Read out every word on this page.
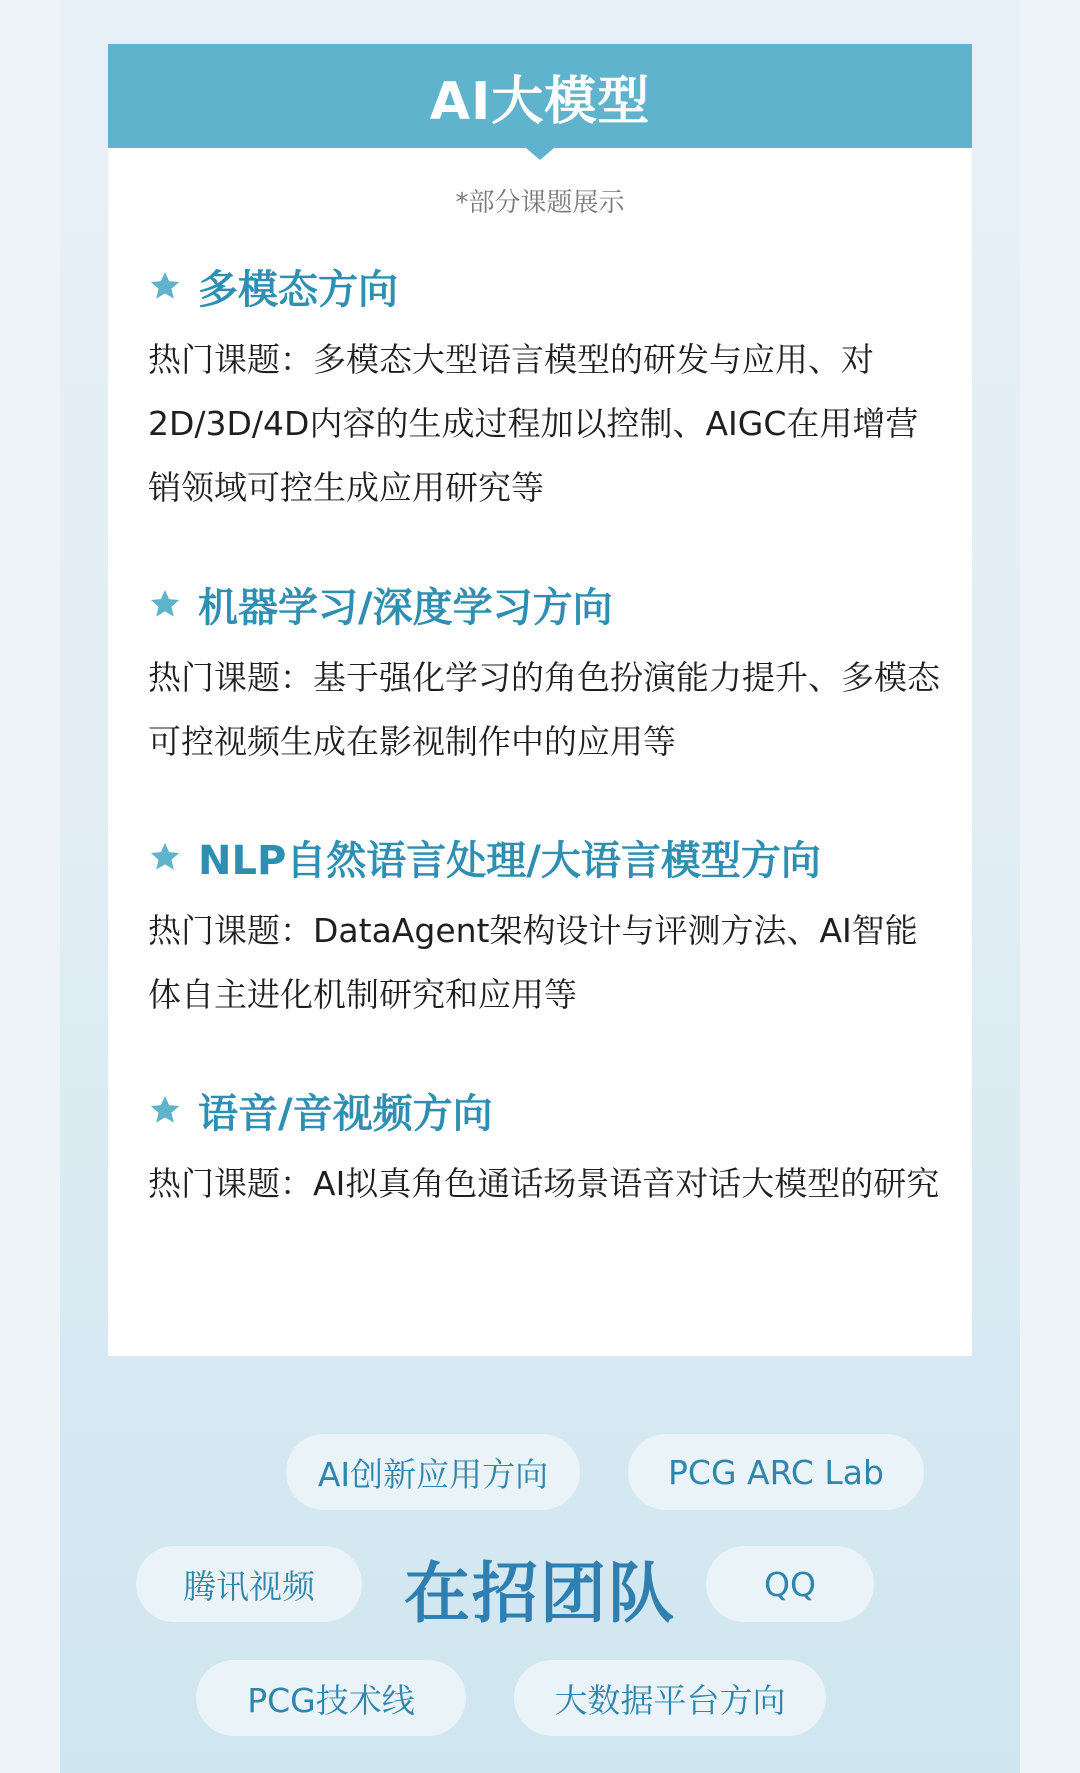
AI大模型
*部分课题展示
多模态方向
热门课题：多模态大型语言模型的研发与应用、对2D/3D/4D内容的生成过程加以控制、AIGC在用增营销领域可控生成应用研究等
机器学习/深度学习方向
热门课题：基于强化学习的角色扮演能力提升、多模态可控视频生成在影视制作中的应用等
NLP自然语言处理/大语言模型方向
热门课题：DataAgent架构设计与评测方法、AI智能体自主进化机制研究和应用等
语音/音视频方向
热门课题：AI拟真角色通话场景语音对话大模型的研究
AI创新应用方向	PCG ARC Lab
腾讯视频	在招团队	QQ
PCG技术线	大数据平台方向
